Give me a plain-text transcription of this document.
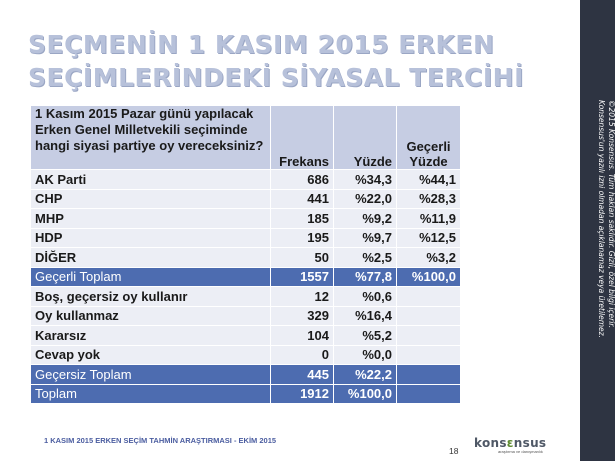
SEÇMENİN 1 KASIM 2015 ERKEN
SEÇİMLERİNDEKİ SİYASAL TERCİHİ
1 Kasım 2015 Pazar günü yapılacak Erken Genel Milletvekili seçiminde hangi siyasi partiye oy vereceksiniz?	Frekans	Yüzde	Geçerli Yüzde
AK Parti	686	%34,3	%44,1
CHP	441	%22,0	%28,3
MHP	185	%9,2	%11,9
HDP	195	%9,7	%12,5
DİĞER	50	%2,5	%3,2
Geçerli Toplam	1557	%77,8	%100,0
Boş, geçersiz oy kullanır	12	%0,6	
Oy kullanmaz	329	%16,4	
Kararsız	104	%5,2	
Cevap yok	0	%0,0	
Geçersiz Toplam	445	%22,2	
Toplam	1912	%100,0	
©2015 Konsensus. Tüm hakları saklıdır. Gizli, özel bilgi içerir.
Konsensus'un yazılı izni olmadan açıklanamaz veya üretilemez.
1 KASIM 2015 ERKEN SEÇİM TAHMİN ARAŞTIRMASI - EKİM 2015
18
konsεnsus
araştırma ve danışmanlık
